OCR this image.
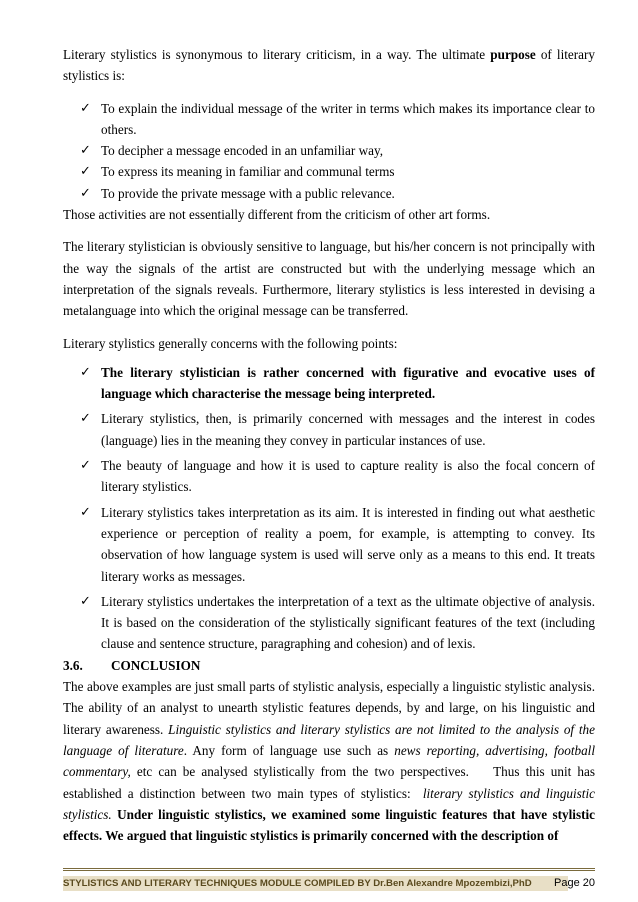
Literary stylistics is synonymous to literary criticism, in a way. The ultimate purpose of literary stylistics is:

✓ To explain the individual message of the writer in terms which makes its importance clear to others.
✓ To decipher a message encoded in an unfamiliar way,
✓ To express its meaning in familiar and communal terms
✓ To provide the private message with a public relevance.

Those activities are not essentially different from the criticism of other art forms.

The literary stylistician is obviously sensitive to language, but his/her concern is not principally with the way the signals of the artist are constructed but with the underlying message which an interpretation of the signals reveals. Furthermore, literary stylistics is less interested in devising a metalanguage into which the original message can be transferred.

Literary stylistics generally concerns with the following points:

✓ The literary stylistician is rather concerned with figurative and evocative uses of language which characterise the message being interpreted.
✓ Literary stylistics, then, is primarily concerned with messages and the interest in codes (language) lies in the meaning they convey in particular instances of use.
✓ The beauty of language and how it is used to capture reality is also the focal concern of literary stylistics.
✓ Literary stylistics takes interpretation as its aim. It is interested in finding out what aesthetic experience or perception of reality a poem, for example, is attempting to convey. Its observation of how language system is used will serve only as a means to this end. It treats literary works as messages.
✓ Literary stylistics undertakes the interpretation of a text as the ultimate objective of analysis. It is based on the consideration of the stylistically significant features of the text (including clause and sentence structure, paragraphing and cohesion) and of lexis.

3.6. CONCLUSION

The above examples are just small parts of stylistic analysis, especially a linguistic stylistic analysis. The ability of an analyst to unearth stylistic features depends, by and large, on his linguistic and literary awareness. Linguistic stylistics and literary stylistics are not limited to the analysis of the language of literature. Any form of language use such as news reporting, advertising, football commentary, etc can be analysed stylistically from the two perspectives.    Thus this unit has established a distinction between two main types of stylistics:  literary stylistics and linguistic stylistics. Under linguistic stylistics, we examined some linguistic features that have stylistic effects. We argued that linguistic stylistics is primarily concerned with the description of

STYLISTICS AND LITERARY TECHNIQUES MODULE COMPILED BY Dr.Ben Alexandre Mpozembizi,PhD	Page 20
